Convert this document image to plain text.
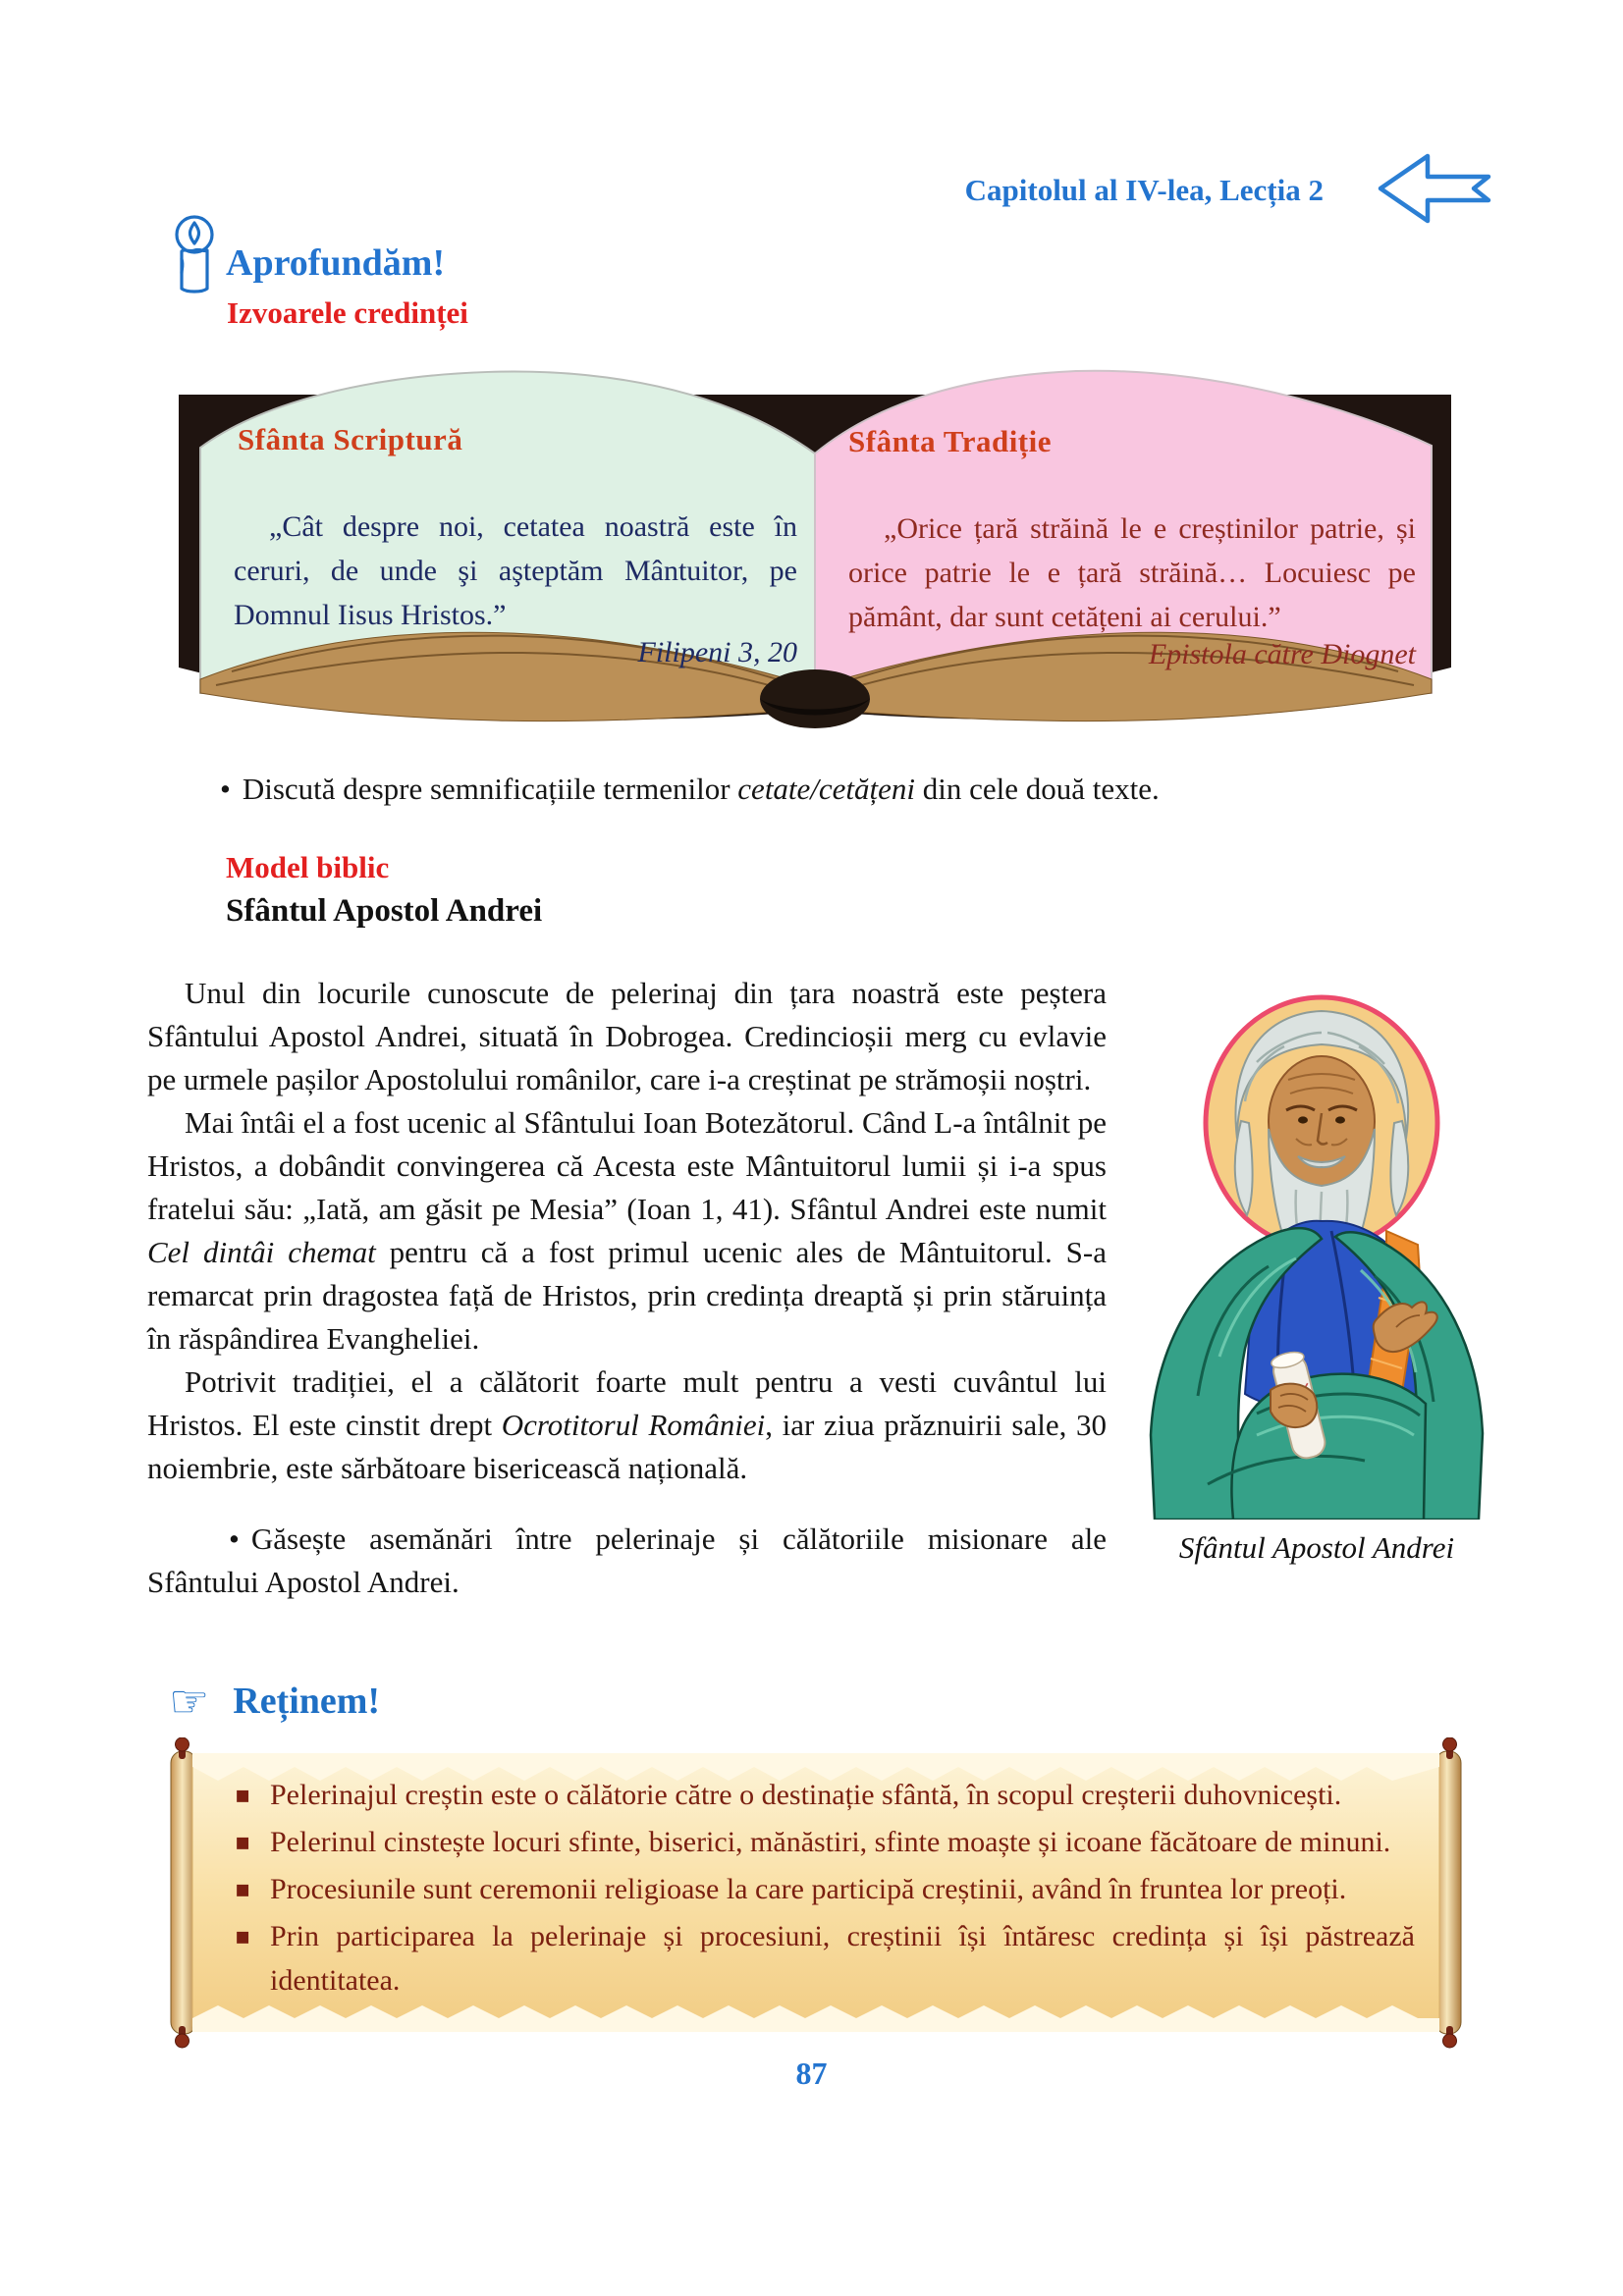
Capitolul al IV-lea, Lecția 2
Aprofundăm!
Izvoarele credinței
Sfânta Scriptură
„Cât despre noi, cetatea noastră este în ceruri, de unde şi aşteptăm Mântuitor, pe Domnul Iisus Hristos.”
Filipeni 3, 20
Sfânta Tradiție
„Orice țară străină le e creștinilor patrie, și orice patrie le e țară străină… Locuiesc pe pământ, dar sunt cetățeni ai cerului.”
Epistola către Diognet
• Discută despre semnificațiile termenilor cetate/cetățeni din cele două texte.
Model biblic
Sfântul Apostol Andrei
Unul din locurile cunoscute de pelerinaj din țara noastră este peștera Sfântului Apostol Andrei, situată în Dobrogea. Credincioșii merg cu evlavie pe urmele pașilor Apostolului românilor, care i-a creștinat pe strămoșii noștri.
Mai întâi el a fost ucenic al Sfântului Ioan Botezătorul. Când L-a întâlnit pe Hristos, a dobândit convingerea că Acesta este Mântuitorul lumii și i-a spus fratelui său: „Iată, am găsit pe Mesia” (Ioan 1, 41). Sfântul Andrei este numit Cel dintâi chemat pentru că a fost primul ucenic ales de Mântuitorul. S-a remarcat prin dragostea față de Hristos, prin credința dreaptă și prin stăruința în răspândirea Evangheliei.
Potrivit tradiției, el a călătorit foarte mult pentru a vesti cuvântul lui Hristos. El este cinstit drept Ocrotitorul României, iar ziua prăznuirii sale, 30 noiembrie, este sărbătoare bisericească națională.
• Găsește asemănări între pelerinaje și călătoriile misionare ale Sfântului Apostol Andrei.
Sfântul Apostol Andrei
☞ Reținem!
▪ Pelerinajul creștin este o călătorie către o destinație sfântă, în scopul creșterii duhovnicești.
▪ Pelerinul cinstește locuri sfinte, biserici, mănăstiri, sfinte moaște și icoane făcătoare de minuni.
▪ Procesiunile sunt ceremonii religioase la care participă creștinii, având în fruntea lor preoți.
▪ Prin participarea la pelerinaje și procesiuni, creștinii își întăresc credința și își păstrează identitatea.
87
